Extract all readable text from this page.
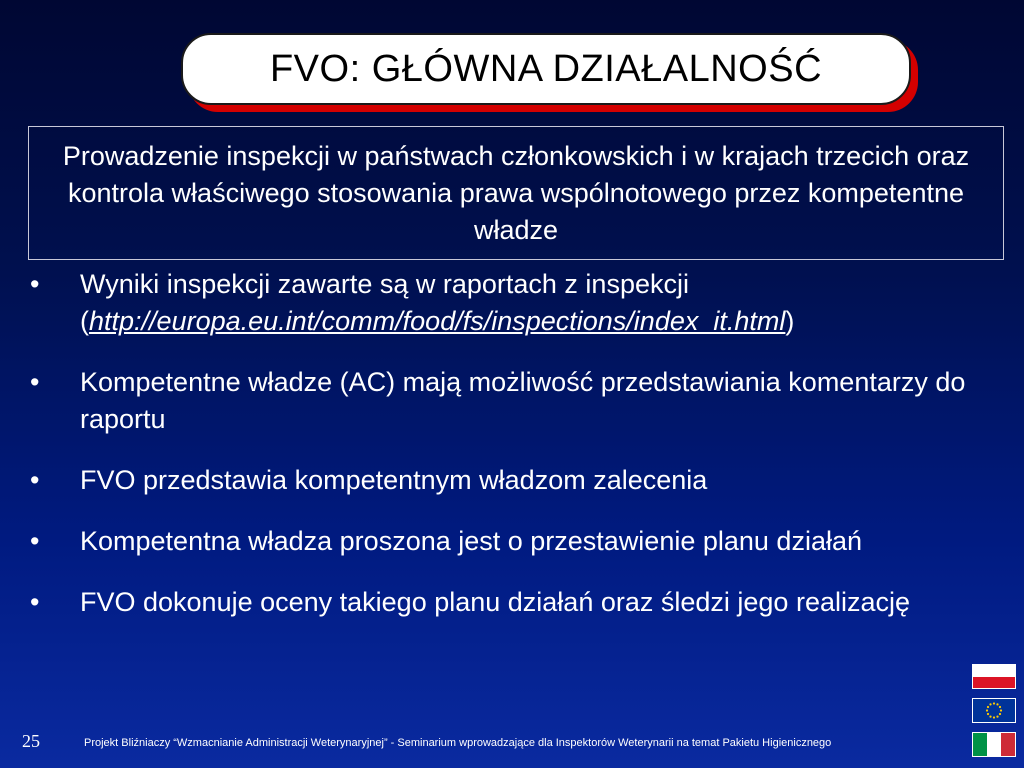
FVO: GŁÓWNA DZIAŁALNOŚĆ
Prowadzenie inspekcji w państwach członkowskich i w krajach trzecich oraz kontrola właściwego stosowania prawa wspólnotowego przez kompetentne władze
• Wyniki inspekcji zawarte są w raportach z inspekcji (http://europa.eu.int/comm/food/fs/inspections/index_it.html)
• Kompetentne władze (AC) mają możliwość przedstawiania komentarzy do raportu
• FVO przedstawia kompetentnym władzom zalecenia
• Kompetentna władza proszona jest o przestawienie planu działań
• FVO dokonuje oceny takiego planu działań oraz śledzi jego realizację
25	Projekt Bliźniaczy “Wzmacnianie Administracji Weterynaryjnej” - Seminarium wprowadzające dla Inspektorów Weterynarii na temat Pakietu Higienicznego
